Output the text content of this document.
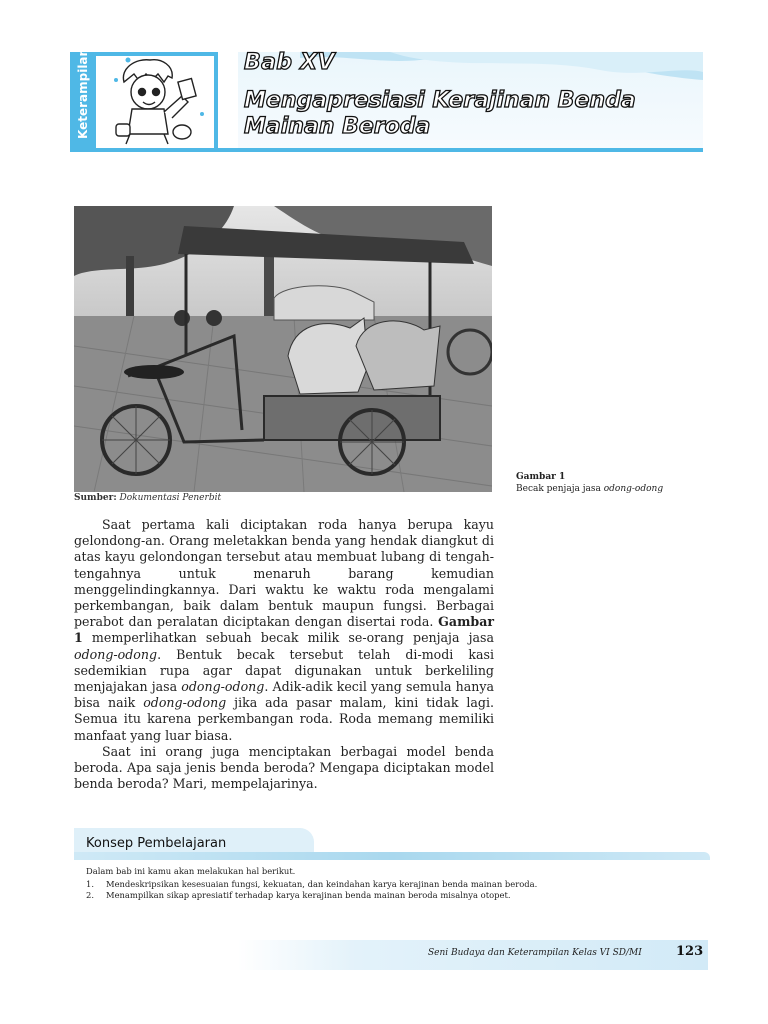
Keterampilan	Bab XV
Mengapresiasi Kerajinan Benda Mainan Beroda
Sumber: Dokumentasi Penerbit
Gambar 1
Becak penjaja jasa odong-odong

Saat pertama kali diciptakan roda hanya berupa kayu gelondong-an. Orang meletakkan benda yang hendak diangkut di atas kayu gelondongan tersebut atau membuat lubang di tengah-tengahnya untuk menaruh barang kemudian menggelindingkannya. Dari waktu ke waktu roda mengalami perkembangan, baik dalam bentuk maupun fungsi. Berbagai perabot dan peralatan diciptakan dengan disertai roda. Gambar 1 memperlihatkan sebuah becak milik se-orang penjaja jasa odong-odong. Bentuk becak tersebut telah di-modi kasi sedemikian rupa agar dapat digunakan untuk berkeliling menjajakan jasa odong-odong. Adik-adik kecil yang semula hanya bisa naik odong-odong jika ada pasar malam, kini tidak lagi. Semua itu karena perkembangan roda. Roda memang memiliki manfaat yang luar biasa.

Saat ini orang juga menciptakan berbagai model benda beroda. Apa saja jenis benda beroda? Mengapa diciptakan model benda beroda? Mari, mempelajarinya.

Konsep Pembelajaran

Dalam bab ini kamu akan melakukan hal berikut.

1.	Mendeskripsikan kesesuaian fungsi, kekuatan, dan keindahan karya kerajinan benda mainan beroda.
2.	Menampilkan sikap apresiatif terhadap karya kerajinan benda mainan beroda misalnya otopet.
Seni Budaya dan Keterampilan Kelas VI SD/MI	123
